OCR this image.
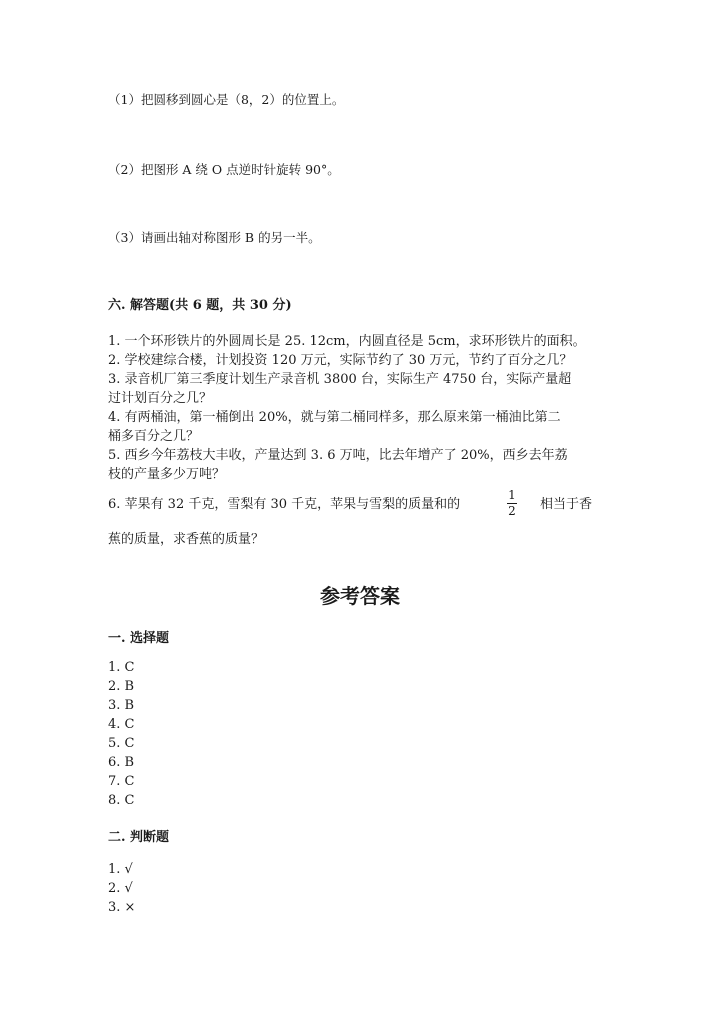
（1）把圆移到圆心是（8，2）的位置上。
（2）把图形 A 绕 O 点逆时针旋转 90°。
（3）请画出轴对称图形 B 的另一半。
六. 解答题(共 6 题，共 30 分)
1. 一个环形铁片的外圆周长是 25. 12cm，内圆直径是 5cm，求环形铁片的面积。
2. 学校建综合楼，计划投资 120 万元，实际节约了 30 万元，节约了百分之几？
3. 录音机厂第三季度计划生产录音机 3800 台，实际生产 4750 台，实际产量超
过计划百分之几？
4. 有两桶油，第一桶倒出 20%，就与第二桶同样多，那么原来第一桶油比第二
桶多百分之几？
5. 西乡今年荔枝大丰收，产量达到 3. 6 万吨，比去年增产了 20%，西乡去年荔
枝的产量多少万吨？
6. 苹果有 32 千克，雪梨有 30 千克，苹果与雪梨的质量和的
1
2 相当于香
蕉的质量，求香蕉的质量？
参考答案
一. 选择题
1. C
2. B
3. B
4. C
5. C
6. B
7. C
8. C
二. 判断题
1. √
2. √
3. ×
